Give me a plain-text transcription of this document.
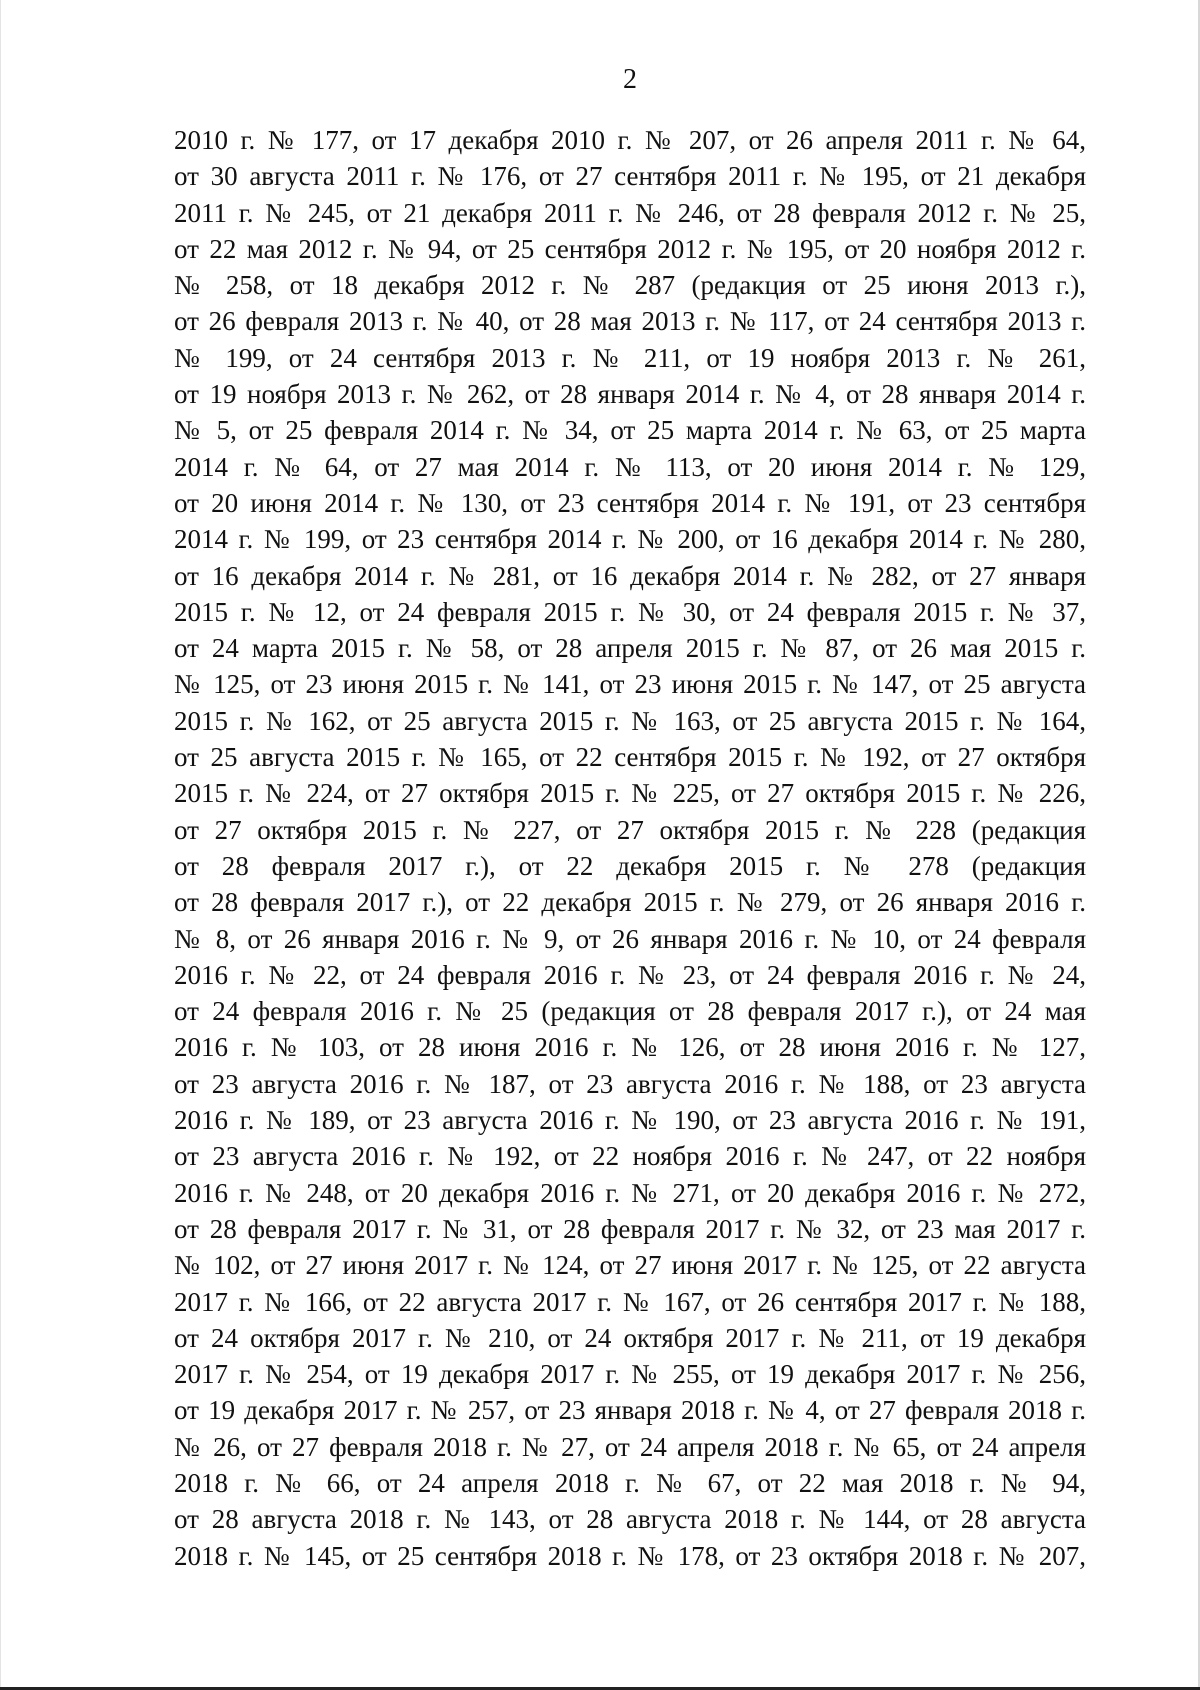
2
2010 г. № 177, от 17 декабря 2010 г. № 207, от 26 апреля 2011 г. № 64,
от 30 августа 2011 г. № 176, от 27 сентября 2011 г. № 195, от 21 декабря
2011 г. № 245, от 21 декабря 2011 г. № 246, от 28 февраля 2012 г. № 25,
от 22 мая 2012 г. № 94, от 25 сентября 2012 г. № 195, от 20 ноября 2012 г.
№ 258, от 18 декабря 2012 г. № 287 (редакция от 25 июня 2013 г.),
от 26 февраля 2013 г. № 40, от 28 мая 2013 г. № 117, от 24 сентября 2013 г.
№ 199, от 24 сентября 2013 г. № 211, от 19 ноября 2013 г. № 261,
от 19 ноября 2013 г. № 262, от 28 января 2014 г. № 4, от 28 января 2014 г.
№ 5, от 25 февраля 2014 г. № 34, от 25 марта 2014 г. № 63, от 25 марта
2014 г. № 64, от 27 мая 2014 г. № 113, от 20 июня 2014 г. № 129,
от 20 июня 2014 г. № 130, от 23 сентября 2014 г. № 191, от 23 сентября
2014 г. № 199, от 23 сентября 2014 г. № 200, от 16 декабря 2014 г. № 280,
от 16 декабря 2014 г. № 281, от 16 декабря 2014 г. № 282, от 27 января
2015 г. № 12, от 24 февраля 2015 г. № 30, от 24 февраля 2015 г. № 37,
от 24 марта 2015 г. № 58, от 28 апреля 2015 г. № 87, от 26 мая 2015 г.
№ 125, от 23 июня 2015 г. № 141, от 23 июня 2015 г. № 147, от 25 августа
2015 г. № 162, от 25 августа 2015 г. № 163, от 25 августа 2015 г. № 164,
от 25 августа 2015 г. № 165, от 22 сентября 2015 г. № 192, от 27 октября
2015 г. № 224, от 27 октября 2015 г. № 225, от 27 октября 2015 г. № 226,
от 27 октября 2015 г. № 227, от 27 октября 2015 г. № 228 (редакция
от 28 февраля 2017 г.), от 22 декабря 2015 г. № 278 (редакция
от 28 февраля 2017 г.), от 22 декабря 2015 г. № 279, от 26 января 2016 г.
№ 8, от 26 января 2016 г. № 9, от 26 января 2016 г. № 10, от 24 февраля
2016 г. № 22, от 24 февраля 2016 г. № 23, от 24 февраля 2016 г. № 24,
от 24 февраля 2016 г. № 25 (редакция от 28 февраля 2017 г.), от 24 мая
2016 г. № 103, от 28 июня 2016 г. № 126, от 28 июня 2016 г. № 127,
от 23 августа 2016 г. № 187, от 23 августа 2016 г. № 188, от 23 августа
2016 г. № 189, от 23 августа 2016 г. № 190, от 23 августа 2016 г. № 191,
от 23 августа 2016 г. № 192, от 22 ноября 2016 г. № 247, от 22 ноября
2016 г. № 248, от 20 декабря 2016 г. № 271, от 20 декабря 2016 г. № 272,
от 28 февраля 2017 г. № 31, от 28 февраля 2017 г. № 32, от 23 мая 2017 г.
№ 102, от 27 июня 2017 г. № 124, от 27 июня 2017 г. № 125, от 22 августа
2017 г. № 166, от 22 августа 2017 г. № 167, от 26 сентября 2017 г. № 188,
от 24 октября 2017 г. № 210, от 24 октября 2017 г. № 211, от 19 декабря
2017 г. № 254, от 19 декабря 2017 г. № 255, от 19 декабря 2017 г. № 256,
от 19 декабря 2017 г. № 257, от 23 января 2018 г. № 4, от 27 февраля 2018 г.
№ 26, от 27 февраля 2018 г. № 27, от 24 апреля 2018 г. № 65, от 24 апреля
2018 г. № 66, от 24 апреля 2018 г. № 67, от 22 мая 2018 г. № 94,
от 28 августа 2018 г. № 143, от 28 августа 2018 г. № 144, от 28 августа
2018 г. № 145, от 25 сентября 2018 г. № 178, от 23 октября 2018 г. № 207,
